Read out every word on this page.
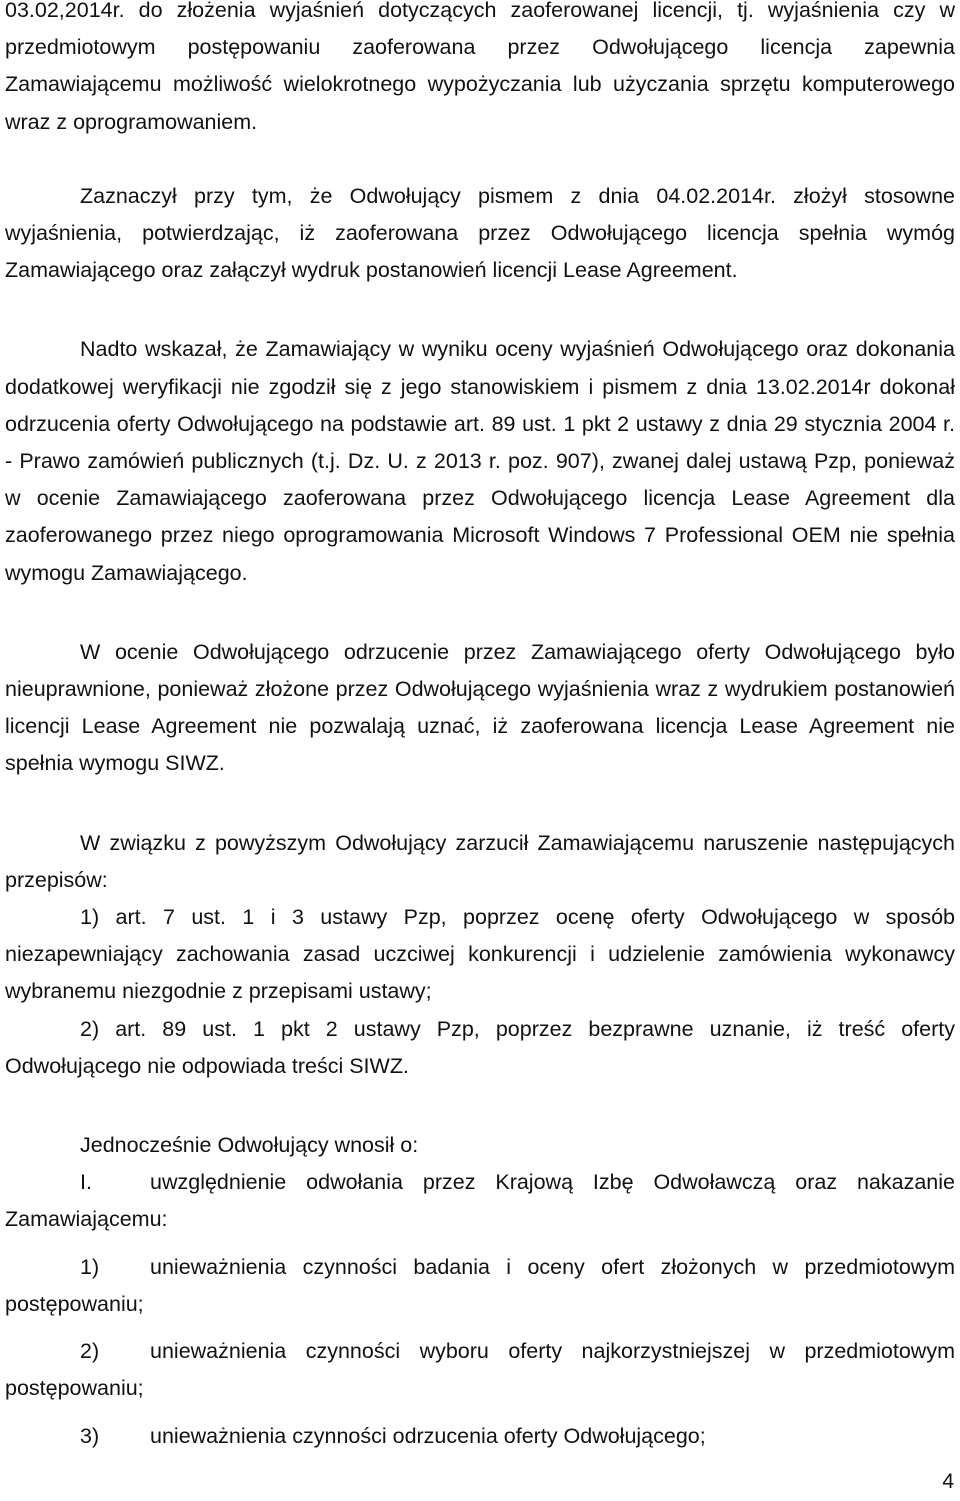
03.02,2014r. do złożenia wyjaśnień dotyczących zaoferowanej licencji, tj. wyjaśnienia czy w przedmiotowym postępowaniu zaoferowana przez Odwołującego licencja zapewnia Zamawiającemu możliwość wielokrotnego wypożyczania lub użyczania sprzętu komputerowego wraz z oprogramowaniem.

Zaznaczył przy tym, że Odwołujący pismem z dnia 04.02.2014r. złożył stosowne wyjaśnienia, potwierdzając, iż zaoferowana przez Odwołującego licencja spełnia wymóg Zamawiającego oraz załączył wydruk postanowień licencji Lease Agreement.

Nadto wskazał, że Zamawiający w wyniku oceny wyjaśnień Odwołującego oraz dokonania dodatkowej weryfikacji nie zgodził się z jego stanowiskiem i pismem z dnia 13.02.2014r dokonał odrzucenia oferty Odwołującego na podstawie art. 89 ust. 1 pkt 2 ustawy z dnia 29 stycznia 2004 r. - Prawo zamówień publicznych (t.j. Dz. U. z 2013 r. poz. 907), zwanej dalej ustawą Pzp, ponieważ w ocenie Zamawiającego zaoferowana przez Odwołującego licencja Lease Agreement dla zaoferowanego przez niego oprogramowania Microsoft Windows 7 Professional OEM nie spełnia wymogu Zamawiającego.

W ocenie Odwołującego odrzucenie przez Zamawiającego oferty Odwołującego było nieuprawnione, ponieważ złożone przez Odwołującego wyjaśnienia wraz z wydrukiem postanowień licencji Lease Agreement nie pozwalają uznać, iż zaoferowana licencja Lease Agreement nie spełnia wymogu SIWZ.

W związku z powyższym Odwołujący zarzucił Zamawiającemu naruszenie następujących przepisów:

1) art. 7 ust. 1 i 3 ustawy Pzp, poprzez ocenę oferty Odwołującego w sposób niezapewniający zachowania zasad uczciwej konkurencji i udzielenie zamówienia wykonawcy wybranemu niezgodnie z przepisami ustawy;
2) art. 89 ust. 1 pkt 2 ustawy Pzp, poprzez bezprawne uznanie, iż treść oferty Odwołującego nie odpowiada treści SIWZ.

Jednocześnie Odwołujący wnosił o:

I.	uwzględnienie odwołania przez Krajową Izbę Odwoławczą oraz nakazanie Zamawiającemu:
1) unieważnienia czynności badania i oceny ofert złożonych w przedmiotowym postępowaniu;
2) unieważnienia czynności wyboru oferty najkorzystniejszej w przedmiotowym postępowaniu;
3) unieważnienia czynności odrzucenia oferty Odwołującego;
4
